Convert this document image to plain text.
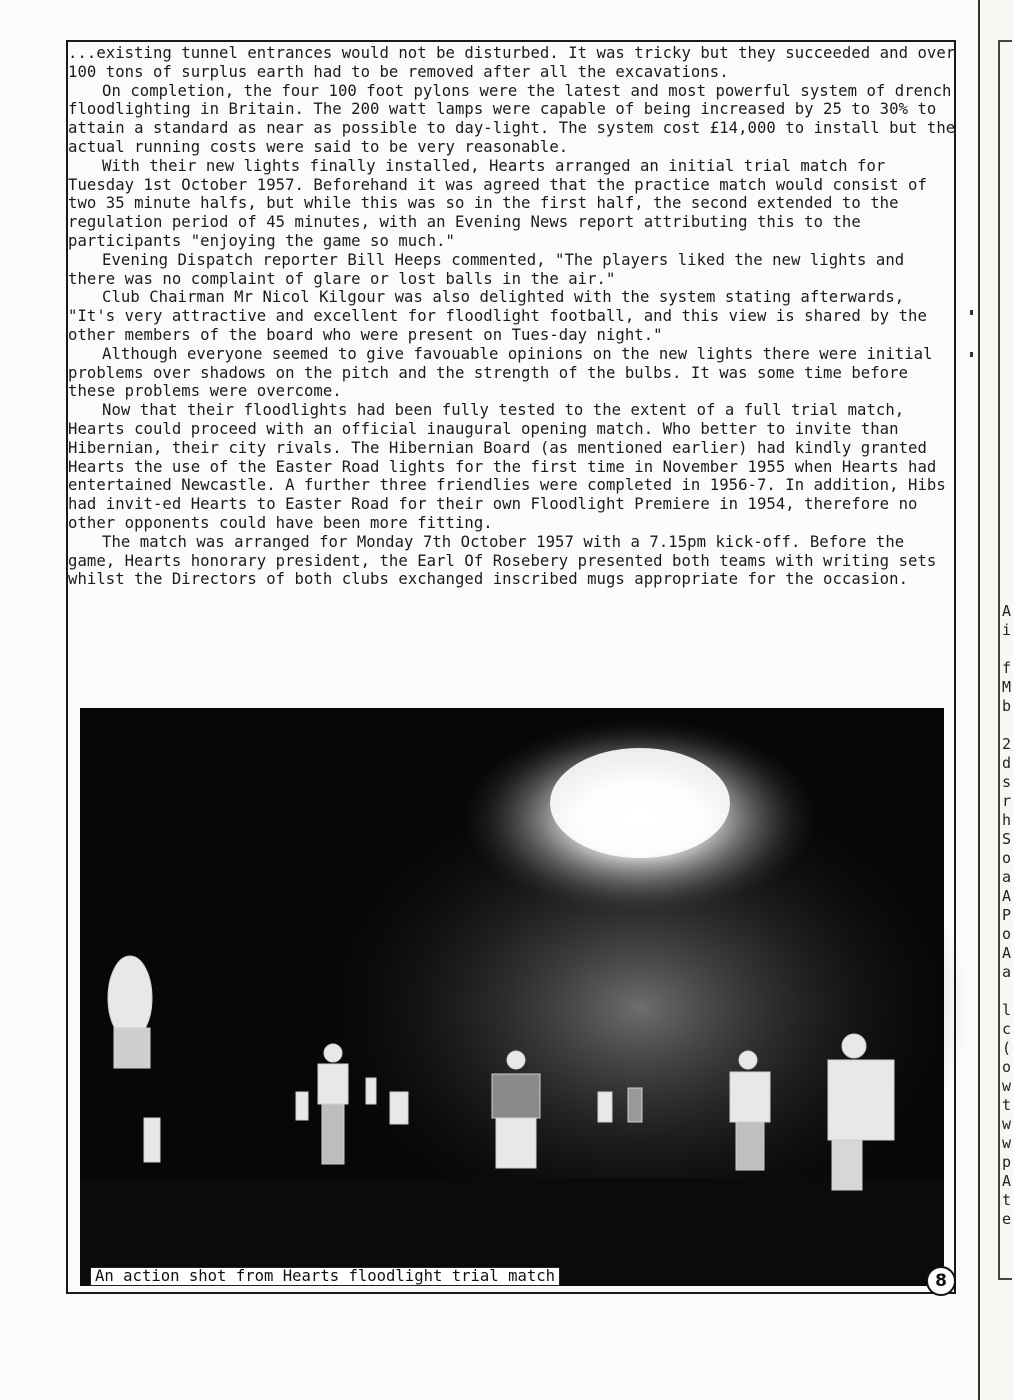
...existing tunnel entrances would not be disturbed. It was tricky but they succeeded and over 100 tons of surplus earth had to be removed after all the excavations.

On completion, the four 100 foot pylons were the latest and most powerful system of drench floodlighting in Britain. The 200 watt lamps were capable of being increased by 25 to 30% to attain a standard as near as possible to day-light. The system cost £14,000 to install but the actual running costs were said to be very reasonable.

With their new lights finally installed, Hearts arranged an initial trial match for Tuesday 1st October 1957. Beforehand it was agreed that the practice match would consist of two 35 minute halfs, but while this was so in the first half, the second extended to the regulation period of 45 minutes, with an Evening News report attributing this to the participants "enjoying the game so much."

Evening Dispatch reporter Bill Heeps commented, "The players liked the new lights and there was no complaint of glare or lost balls in the air."

Club Chairman Mr Nicol Kilgour was also delighted with the system stating afterwards, "It's very attractive and excellent for floodlight football, and this view is shared by the other members of the board who were present on Tues-day night."

Although everyone seemed to give favouable opinions on the new lights there were initial problems over shadows on the pitch and the strength of the bulbs. It was some time before these problems were overcome.

Now that their floodlights had been fully tested to the extent of a full trial match, Hearts could proceed with an official inaugural opening match. Who better to invite than Hibernian, their city rivals. The Hibernian Board (as mentioned earlier) had kindly granted Hearts the use of the Easter Road lights for the first time in November 1955 when Hearts had entertained Newcastle. A further three friendlies were completed in 1956-7. In addition, Hibs had invit-ed Hearts to Easter Road for their own Floodlight Premiere in 1954, therefore no other opponents could have been more fitting.

The match was arranged for Monday 7th October 1957 with a 7.15pm kick-off. Before the game, Hearts honorary president, the Earl Of Rosebery presented both teams with writing sets whilst the Directors of both clubs exchanged inscribed mugs appropriate for the occasion.

An action shot from Hearts floodlight trial match	8
A
i

f
M
b

2
d
s
r
h
S
o
a
A
P
o
A
a

l
c
(
o
w
t
w
w
p
A
t
e
